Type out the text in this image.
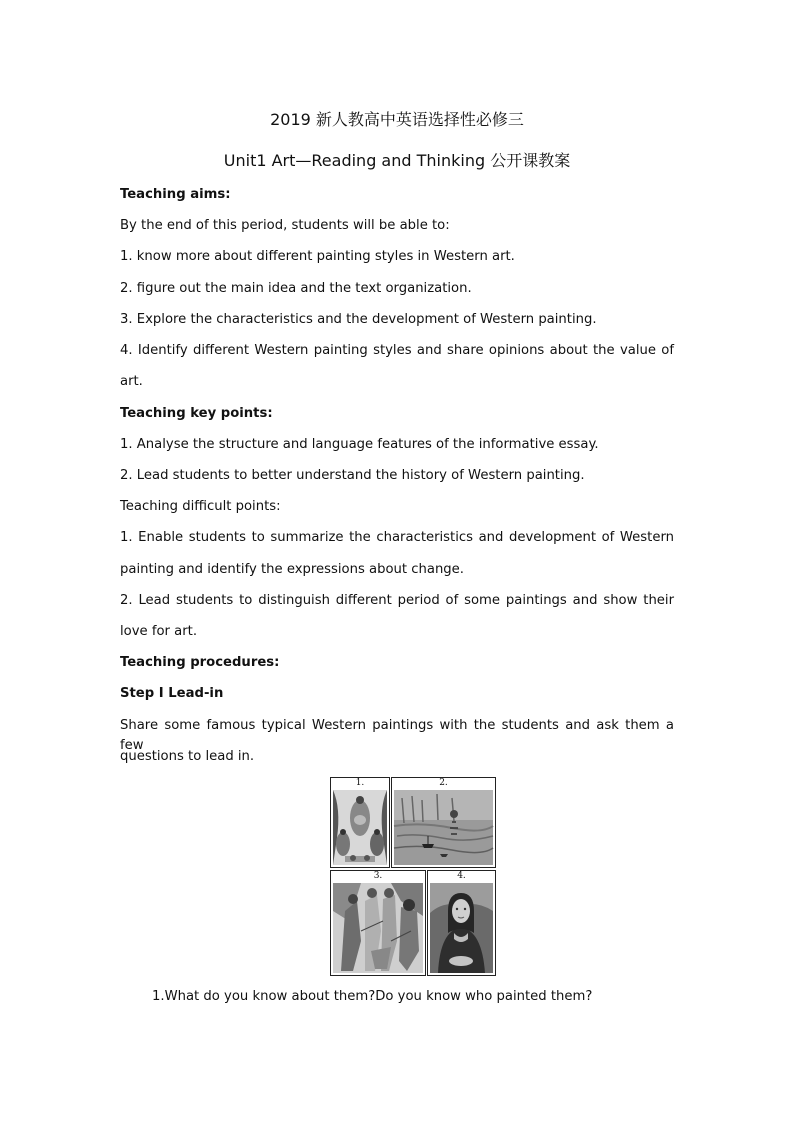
2019 新人教高中英语选择性必修三
Unit1 Art—Reading and Thinking 公开课教案
Teaching aims:
By the end of this period, students will be able to:
1. know more about different painting styles in Western art.
2. figure out the main idea and the text organization.
3. Explore the characteristics and the development of Western painting.
4. Identify different Western painting styles and share opinions about the value of
art.
Teaching key points:
1. Analyse the structure and language features of the informative essay.
2. Lead students to better understand the history of Western painting.
Teaching difficult points:
1. Enable students to summarize the characteristics and development of Western
painting and identify the expressions about change.
2. Lead students to distinguish different period of some paintings and show their
love for art.
Teaching procedures:
Step Ⅰ Lead-in
Share some famous typical Western paintings with the students and ask them a few
questions to lead in.
1.	2.
3.	4.
1.What do you know about them?Do you know who painted them?
